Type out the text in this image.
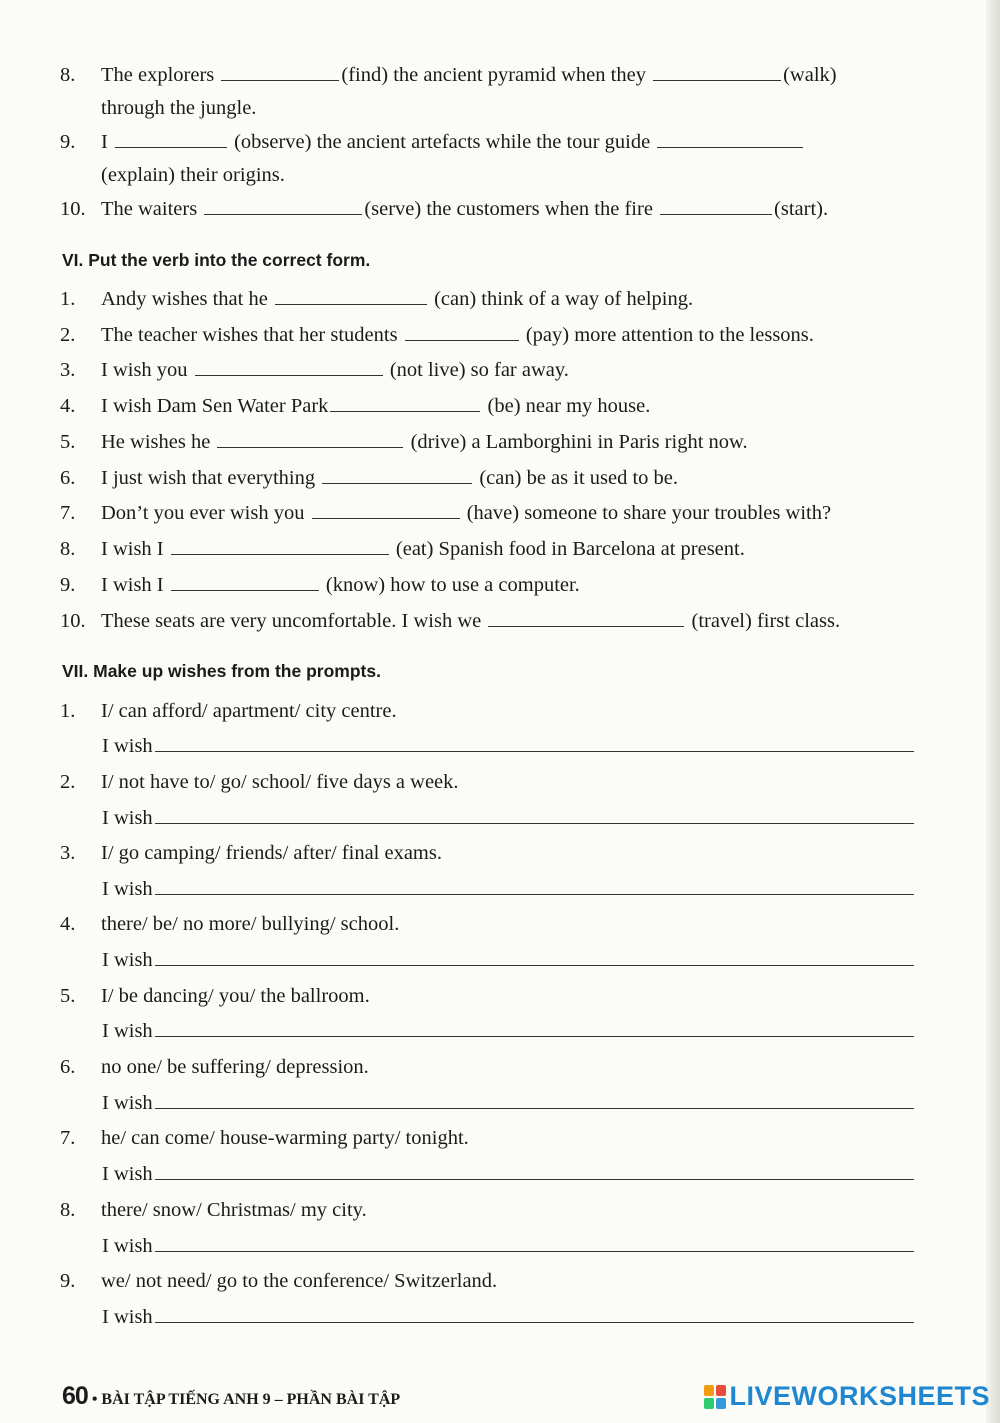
8.	The explorers	(find) the ancient pyramid when they	(walk)
through the jungle.
9.	I	(observe) the ancient artefacts while the tour guide
(explain) their origins.
10. The waiters	(serve) the customers when the fire	(start).
VI. Put the verb into the correct form.
1.	Andy wishes that he	(can) think of a way of helping.
2.	The teacher wishes that her students	(pay) more attention to the lessons.
3.	I wish you	(not live) so far away.
4.	I wish Dam Sen Water Park	(be) near my house.
5.	He wishes he	(drive) a Lamborghini in Paris right now.
6.	I just wish that everything	(can) be as it used to be.
7.	Don’t you ever wish you	(have) someone to share your troubles with?
8.	I wish I	(eat) Spanish food in Barcelona at present.
9.	I wish I	(know) how to use a computer.
10. These seats are very uncomfortable. I wish we	(travel) first class.
VII. Make up wishes from the prompts.
1.	I/ can afford/ apartment/ city centre.
I wish
2.	I/ not have to/ go/ school/ five days a week.
I wish
3.	I/ go camping/ friends/ after/ final exams.
I wish
4.	there/ be/ no more/ bullying/ school.
I wish
5.	I/ be dancing/ you/ the ballroom.
I wish
6.	no one/ be suffering/ depression.
I wish
7.	he/ can come/ house-warming party/ tonight.
I wish
8.	there/ snow/ Christmas/ my city.
I wish
9.	we/ not need/ go to the conference/ Switzerland.
I wish
60 • BÀI TẬP TIẾNG ANH 9 – PHẦN BÀI TẬP	LIVEWORKSHEETS
